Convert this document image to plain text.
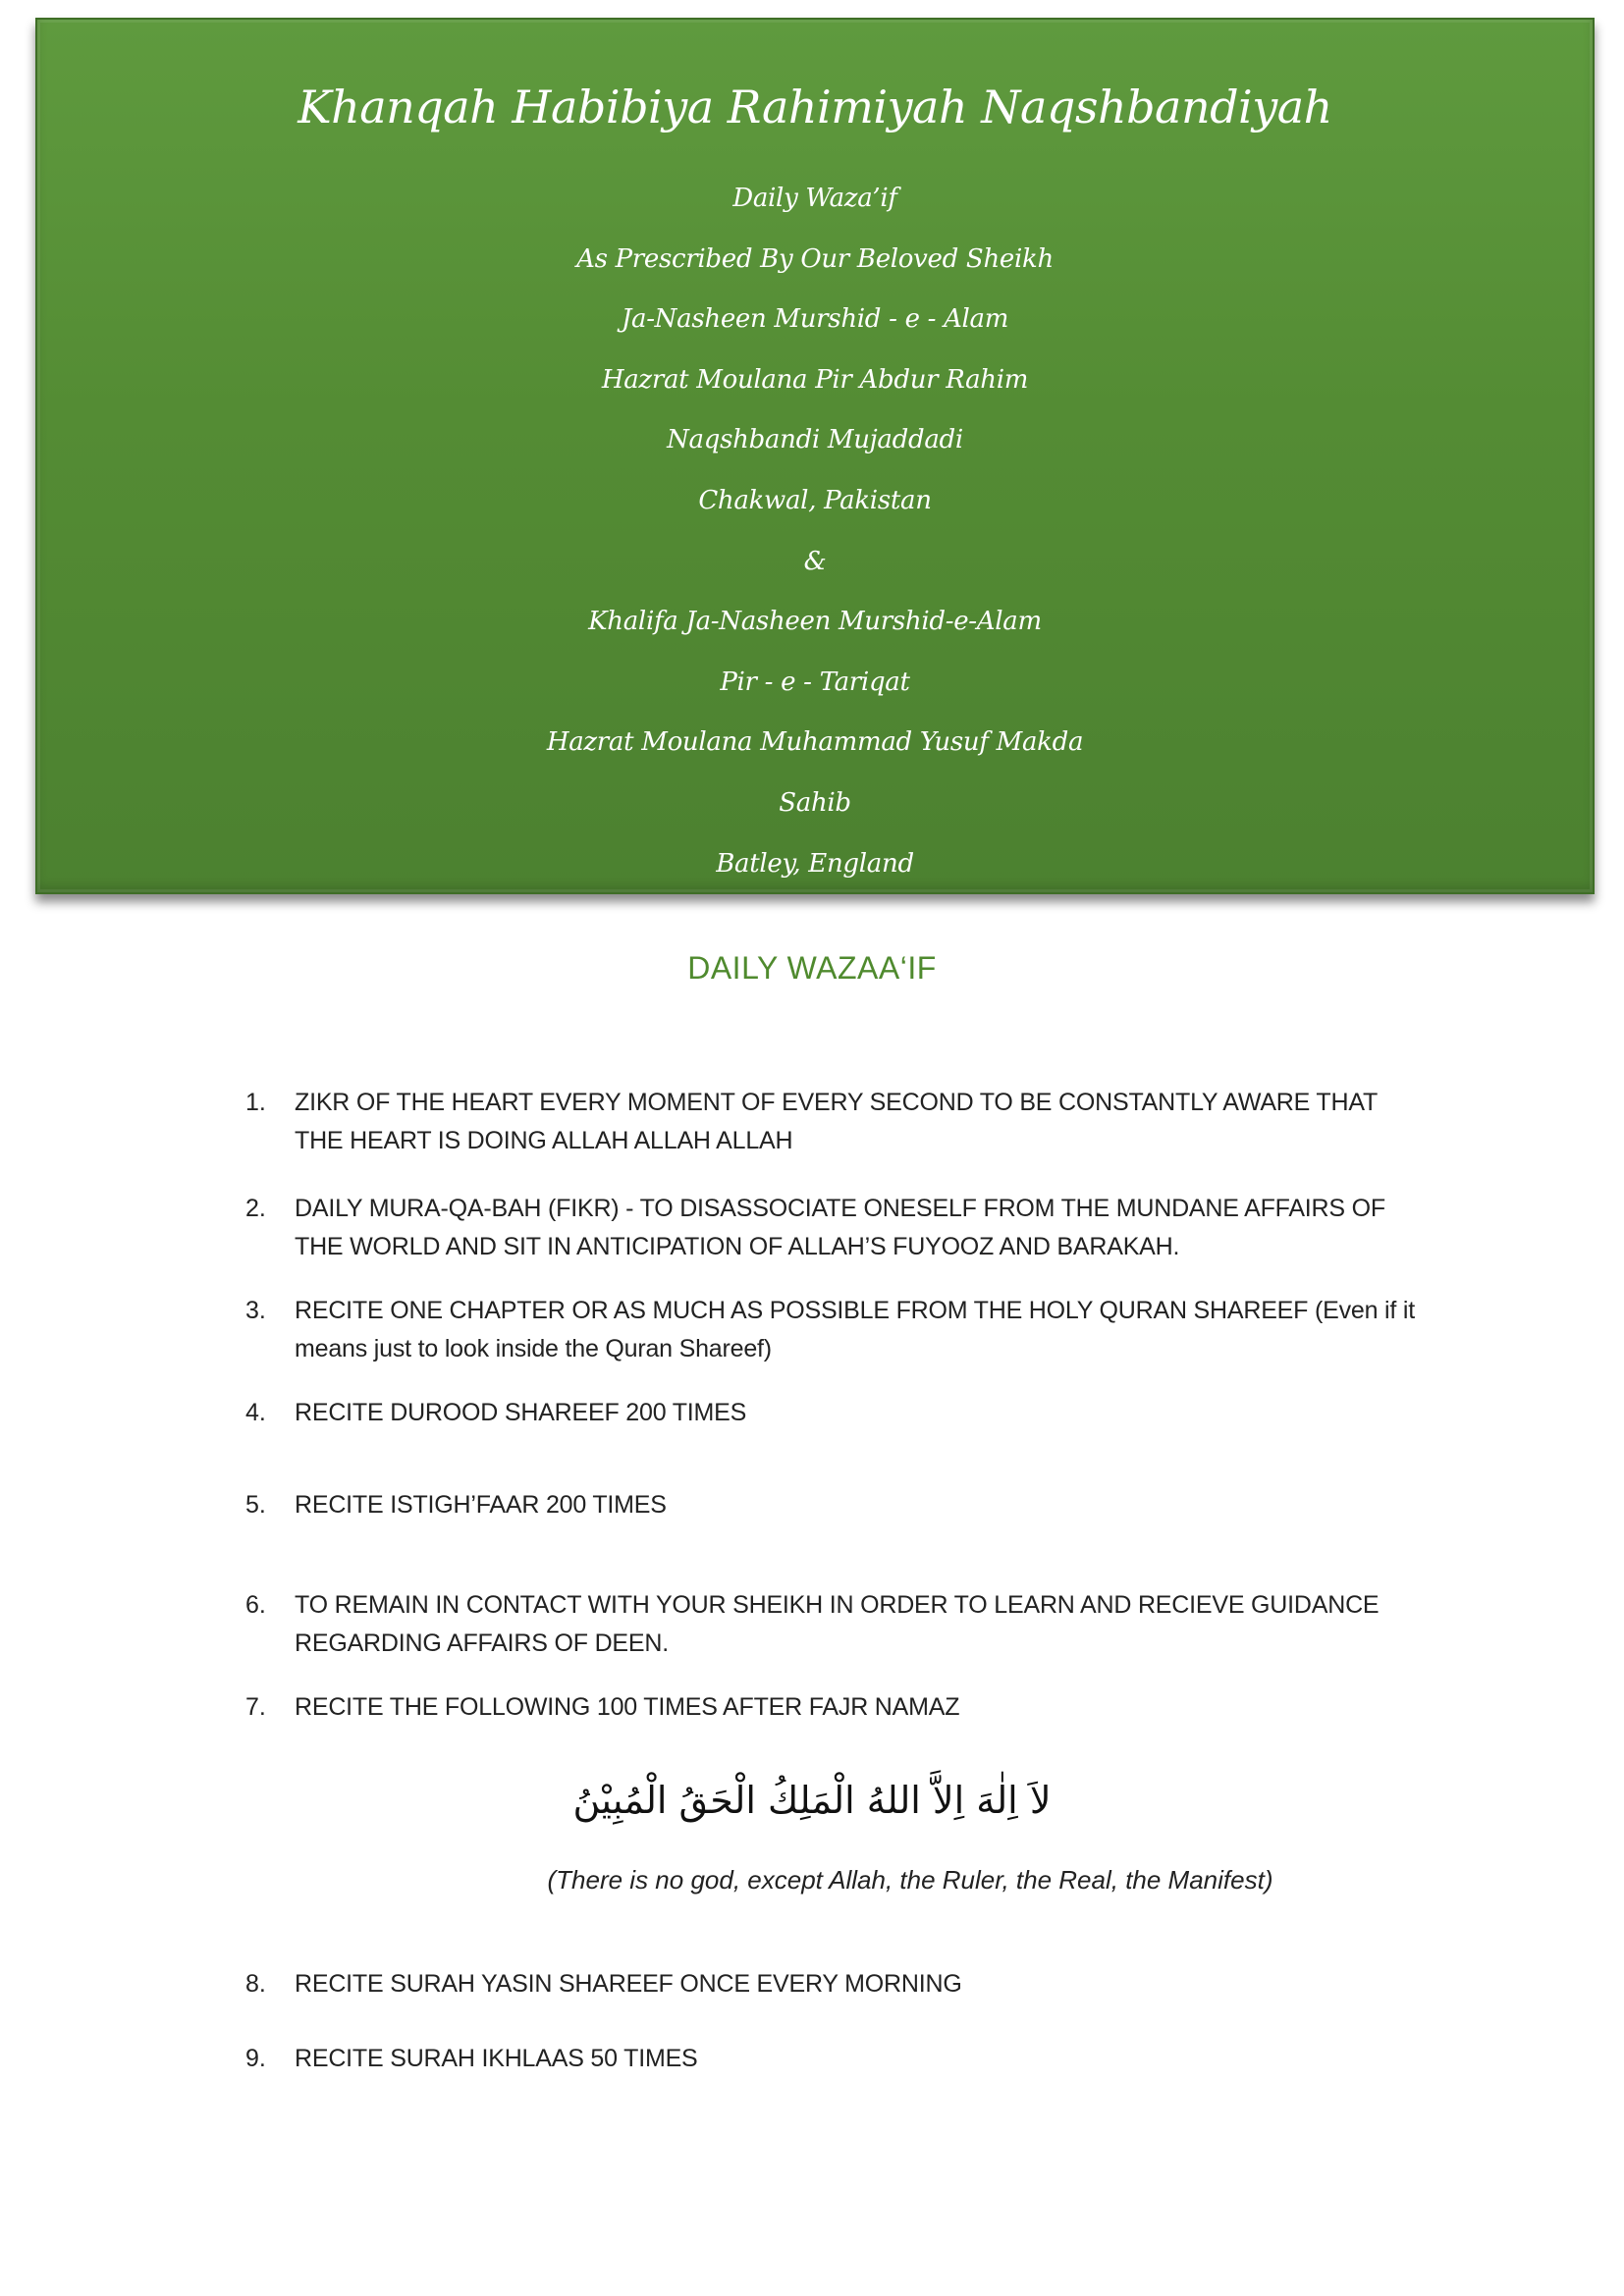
Khanqah Habibiya Rahimiyah Naqshbandiyah
Daily Waza’if
As Prescribed By Our Beloved Sheikh
Ja-Nasheen Murshid - e - Alam
Hazrat Moulana Pir Abdur Rahim
Naqshbandi Mujaddadi
Chakwal, Pakistan
&
Khalifa Ja-Nasheen Murshid-e-Alam
Pir - e - Tariqat
Hazrat Moulana Muhammad Yusuf Makda
Sahib
Batley, England
DAILY WAZAA‘IF
1.	ZIKR OF THE HEART EVERY MOMENT OF EVERY SECOND TO BE CONSTANTLY AWARE THAT THE HEART IS DOING ALLAH ALLAH ALLAH
2.	DAILY MURA-QA-BAH (FIKR) - TO DISASSOCIATE ONESELF FROM THE MUNDANE AFFAIRS OF THE WORLD AND SIT IN ANTICIPATION OF ALLAH’S FUYOOZ AND BARAKAH.
3.	RECITE ONE CHAPTER OR AS MUCH AS POSSIBLE FROM THE HOLY QURAN SHAREEF (Even if it means just to look inside the Quran Shareef)
4.	RECITE DUROOD SHAREEF 200 TIMES
5.	RECITE ISTIGH’FAAR 200 TIMES
6.	TO REMAIN IN CONTACT WITH YOUR SHEIKH IN ORDER TO LEARN AND RECIEVE GUIDANCE REGARDING AFFAIRS OF DEEN.
7.	RECITE THE FOLLOWING 100 TIMES AFTER FAJR NAMAZ
8.	RECITE SURAH YASIN SHAREEF ONCE EVERY MORNING
9.	RECITE SURAH IKHLAAS 50 TIMES
لاَ اِلٰهَ اِلاَّ اللهُ الْمَلِكُ الْحَقُ الْمُبِيْنُ
(There is no god, except Allah, the Ruler, the Real, the Manifest)
